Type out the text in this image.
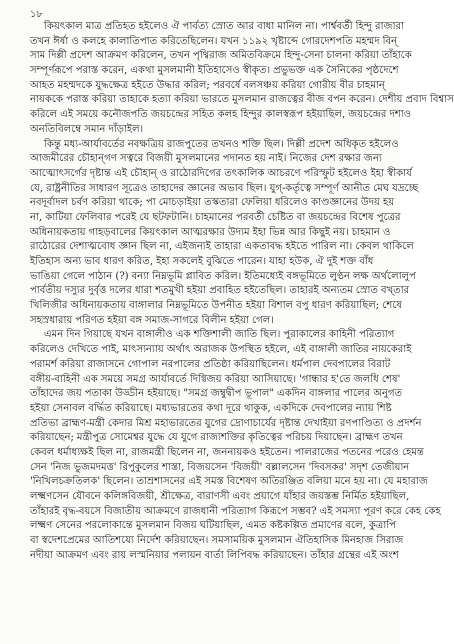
১৮
কিয়ৎকাল মাত্র প্রতিহত হইলেও ঐ পার্বত্য স্রোত আর বাধা মানিল না। পার্শ্ববর্তী হিন্দু রাজারা
তখন ঈর্ষা ও কলহে কালাতিপাত করিতেছিলেন। যখন ১১৯২ খৃষ্টাব্দে গোরদেশপতি মহম্মদ বিন্
সাম দিল্লী প্রদেশ আক্রমণ করিলেন, তখন পৃথ্বিরাজ অমিতবিক্রমে হিন্দু-সেনা চালনা করিয়া তাঁহাকে
সম্পূর্ণরূপে পরাস্ত করেন, একথা মুসলমানী ইতিহাসেও স্বীকৃত। প্রভুভক্ত এক সৈনিকের পৃষ্ঠদেশে
আহত মহম্মদকে যুদ্ধক্ষেত্র হইতে উদ্ধার করিল; পরবর্ষে বলসঞ্চয় করিয়া গোরীয় বীর চাহমান্
নায়ককে পরাস্ত করিয়া তাহাকে হত্যা করিয়া ভারতে মুসলমান রাজত্বের বীজ বপন করেন। দেশীয় প্রবাদ বিশ্বাস
করিলে এই সময়ে কনৌজপতি জয়চন্দ্রের সহিত কলহ হিন্দুর কালস্বরূপ হইয়াছিল, জয়চন্দ্রের দশাও
অনতিবিলম্বে সমান দাঁড়াইল।
কিন্তু মধ্য-আর্যাবর্তের নবক্ষত্রিয় রাজপুতের তখনও শক্তি ছিল। দিল্লী প্রদেশ অধিকৃত হইলেও
আজমীরের চৌহান্গণ সত্বরে বিজয়ী মুসলমানের পদানত হয় নাই। নিজের দেশ রক্ষার জন্য
আত্মোৎসর্গের দৃষ্টান্ত এই চৌহান্ ও রাঠোরদিগের তৎকালিক আচরণে পরিস্ফুট হইলেও ইহা স্বীকার্য
যে, রাষ্ট্রনীতির সাধারণ সূত্রেও তাহাদের জ্ঞানের অভাব ছিল। যুগ্‌-কর্তৃত্বে সম্পূর্ণ আনীত মেঘ যদ্রচ্ছে
নবদূর্বাদল চর্বণ করিয়া থাকে; পা মোচড়াইয়া তস্কতারা ফেলিয়া ধরিলেও কাণ্ডজ্ঞানের উদয় হয়
না, কাটিয়া ফেলিবার পরেই যে ছটফটানি। চাহমানের পরবর্তী চেষ্টিত বা জয়চন্দ্রের বিশেষ পুত্রের
অধিনায়কতায় গাহড়বালের কিয়ৎকাল আত্মরক্ষার উদ্যম ইহা ভিন্ন আর কিছুই নয়। চাহমান ও
রাঠোরের দেশাত্মবোধ জ্ঞান ছিল না, এইজন্যই তাহারা একতাবদ্ধ হইতে পারিল না। কেবল থাকিলে
ইতিহাস অন্য ভাব ধারণ করিত, ইহা সকলেই বুঝিতে পারেন। যাহা হউক, ঐ দুই শক্ত বাঁধ
ভাঙিয়া গেলে পাঠান (?) বন্যা নিম্নভূমি প্লাবিত করিল। ইতিমধ্যেই বঙ্গভূমিতে লুণ্ঠন লক্ষ অর্থলোলুপ
পার্বতীয় দস্যুর দুর্বৃত্ত দলের ধারা শতমুখী হইয়া প্রবাহিত হইতেছিল। তাহারই অন্যতম স্রোত বখ্তার
খিলিজীর অধিনায়কতায় বাঙ্গালার নিম্নভূমিতে উপনীত হইয়া বিশাল বপু ধারণ করিয়াছিল; শেষে
সহস্রধারায় পরিণত হইয়া বঙ্গ সমাজ-সাগরে বিলীন হইয়া গেল।
এমন দিন গিয়াছে যখন বাঙ্গালীও এক শক্তিশালী জাতি ছিল। পুরাকালের কাহিনী পরিত্যাগ
করিলেও দেখিতে পাই, মাৎস্যন্যায় অর্থাৎ অরাজক উপস্থিত হইলে, এই বাঙ্গালী জাতির নায়কেরাই
পরামর্শ করিয়া রাজাসনে গোপাল নরপালের প্রতিষ্ঠা করিয়াছিলেন। ধর্মপাল দেবপালের বিরাট
বঙ্গীয়-বাহিনী এক সময়ে সমগ্র আর্যাবর্তে দিগ্বিজয় করিয়া আসিয়াছে। 'গান্ধার হ'তে জলধি শেষ'
তাঁহাদের জয় পতাকা উড্ডীন হইয়াছে। "সমগ্র জম্বুদ্বীপ ভূপাল" একদিন বাঙ্গলার পালের অনুগত
হইয়া সেনাবল বর্দ্ধিত করিয়াছে। মধ্যভারতের কথা দূরে থাকুক, একদিকে দেবপালের ন্যায় শিষ্ট
প্রতিভা ব্রাহ্মণ-মন্ত্রী কেদার মিশ্র মহাভারতের যুগের দ্রোণাচার্যের দৃষ্টান্ত দেখাইয়া রণপাণ্ডিত্য ও প্রদর্শন
করিয়াছেন; মন্ত্রীপুত্র সোমেশ্বর যুদ্ধে যে যুগে রাজ্যশক্তির কৃতিত্বের পরিচয় দিয়াছেন। ব্রাহ্মণ তখন
কেবল ধর্মাধ্যক্ষই ছিল না, রাজমন্ত্রী ছিলেন না, জননায়কও হইতেন। পালরাজের পতনের পরেও হেমন্ত
সেন 'নিজ ভুজমদমত্ত' রিপুকুলের শাস্তা, বিজয়সেন 'বিজয়ী' বল্লালসেন 'দিবসকর' সদৃশ তেজীয়ান
'নিখিলচক্রতিলক' ছিলেন। তাম্রশাসনের এই সমস্ত বিশেষণ অতিরঞ্জিত বলিয়া মনে হয় না। যে মহারাজ
লক্ষ্মণসেন যৌবনে কলিঙ্গবিজয়ী, শ্রীক্ষেত্র, বারাণসী এবং প্রয়াগে যাঁহার জয়স্তম্ভ নির্মিত হইয়াছিল,
তাঁহারই বৃদ্ধ-বয়সে বিজাতীয় আক্রমণে রাজধানী পরিত্যাগ কিরূপে সম্ভব? এই সমস্যা পূরণ করে কেহ কেহ
লক্ষ্মণ সেনের পরলোকান্তে মুসলমান বিজয় ঘটিয়াছিল, এমত কষ্টকল্পিত প্রমাণের বলে, কুত্রাপি
বা স্বদেশপ্রেমের আতিশয্যে নির্দেশ করিয়াছেন। সমসাময়িক মুসলমান ঐতিহাসিক মিনহাজ সিরাজ
নদীয়া আক্রমণ এবং রায় লস্মনিয়ার পলায়ন বার্তা লিপিবদ্ধ করিয়াছেন। তাঁহার গ্রন্থের এই অংশ
